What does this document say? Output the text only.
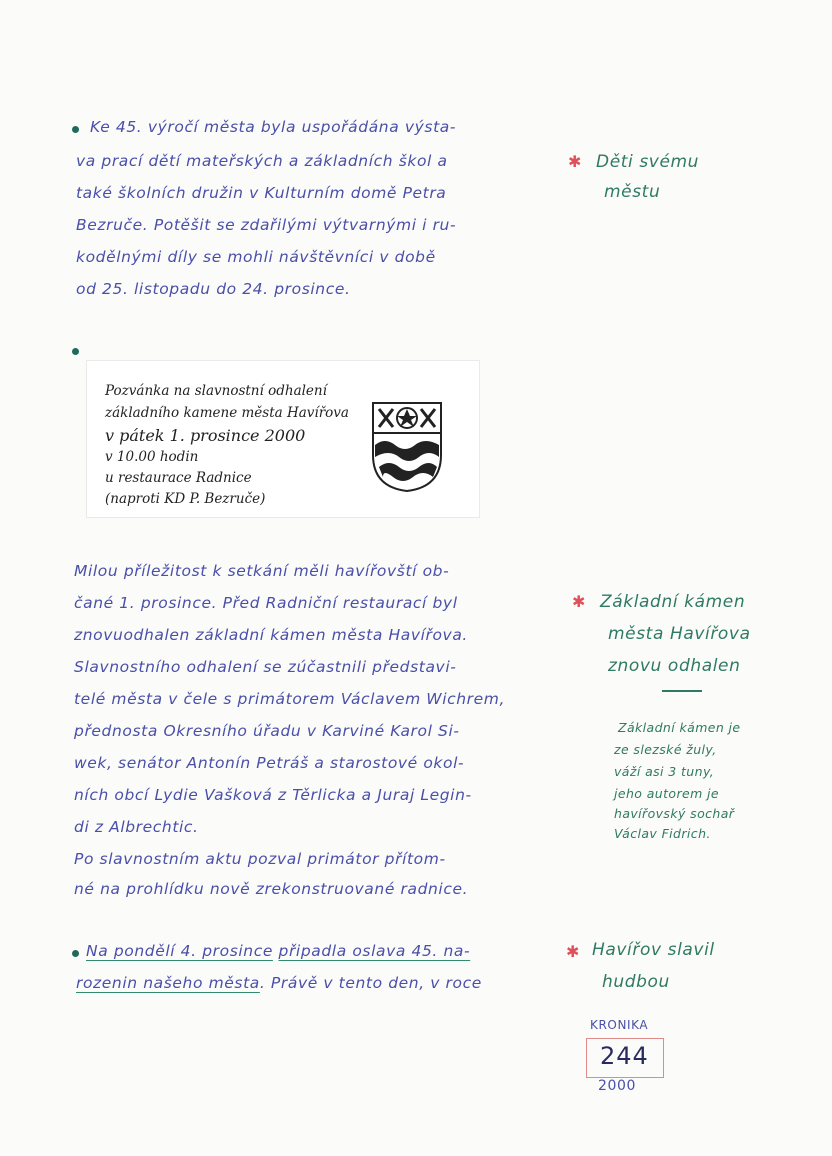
Ke 45. výročí města byla uspořádána výsta-

va prací dětí mateřských a základních škol a

také školních družin v Kulturním domě Petra

Bezruče. Potěšit se zdařilými výtvarnými i ru-

kodělnými díly se mohli návštěvníci v době

od 25. listopadu do 24. prosince.

✱ Děti svému

městu

Pozvánka na slavnostní odhalení

základního kamene města Havířova

v pátek 1. prosince 2000

v 10.00 hodin

u restaurace Radnice

(naproti KD P. Bezruče)

Milou příležitost k setkání měli havířovští ob-

čané 1. prosince. Před Radniční restaurací byl

znovuodhalen základní kámen města Havířova.

Slavnostního odhalení se zúčastnili představi-

telé města v čele s primátorem Václavem Wichrem,

přednosta Okresního úřadu v Karviné Karol Si-

wek, senátor Antonín Petráš a starostové okol-

ních obcí Lydie Vašková z Těrlicka a Juraj Legin-

di z Albrechtic.

Po slavnostním aktu pozval primátor přítom-

né na prohlídku nově zrekonstruované radnice.

✱ Základní kámen

města Havířova

znovu odhalen

Základní kámen je

ze slezské žuly,

váží asi 3 tuny,

jeho autorem je

havířovský sochař

Václav Fidrich.

Na pondělí 4. prosince připadla oslava 45. na-

rozenin našeho města. Právě v tento den, v roce

✱ Havířov slavil

hudbou

KRONIKA

244

2000
